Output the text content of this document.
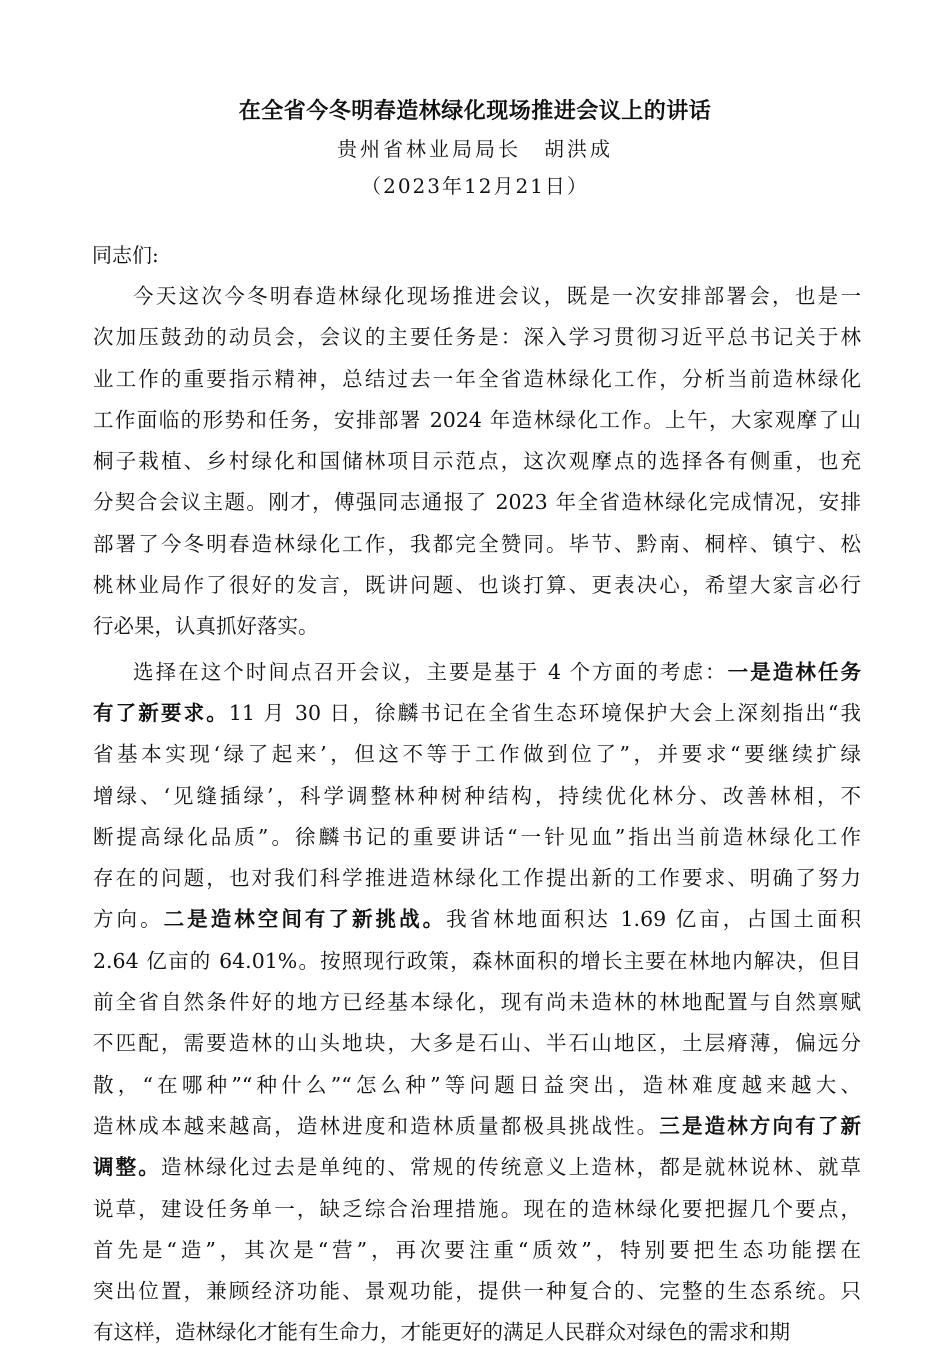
在全省今冬明春造林绿化现场推进会议上的讲话
贵州省林业局局长　胡洪成
（2023年12月21日）
同志们:
今天这次今冬明春造林绿化现场推进会议，既是一次安排部署会，也是一
次加压鼓劲的动员会，会议的主要任务是：深入学习贯彻习近平总书记关于林
业工作的重要指示精神，总结过去一年全省造林绿化工作，分析当前造林绿化
工作面临的形势和任务，安排部署 2024 年造林绿化工作。上午，大家观摩了山
桐子栽植、乡村绿化和国储林项目示范点，这次观摩点的选择各有侧重，也充
分契合会议主题。刚才，傅强同志通报了 2023 年全省造林绿化完成情况，安排
部署了今冬明春造林绿化工作，我都完全赞同。毕节、黔南、桐梓、镇宁、松
桃林业局作了很好的发言，既讲问题、也谈打算、更表决心，希望大家言必行
行必果，认真抓好落实。
选择在这个时间点召开会议，主要是基于 4 个方面的考虑：一是造林任务
有了新要求。11 月 30 日，徐麟书记在全省生态环境保护大会上深刻指出“我
省基本实现‘绿了起来’，但这不等于工作做到位了”，并要求“要继续扩绿
增绿、‘见缝插绿’，科学调整林种树种结构，持续优化林分、改善林相，不
断提高绿化品质”。徐麟书记的重要讲话“一针见血”指出当前造林绿化工作
存在的问题，也对我们科学推进造林绿化工作提出新的工作要求、明确了努力
方向。二是造林空间有了新挑战。我省林地面积达 1.69 亿亩，占国土面积
2.64 亿亩的 64.01%。按照现行政策，森林面积的增长主要在林地内解决，但目
前全省自然条件好的地方已经基本绿化，现有尚未造林的林地配置与自然禀赋
不匹配，需要造林的山头地块，大多是石山、半石山地区，土层瘠薄，偏远分
散，“在哪种”“种什么”“怎么种”等问题日益突出，造林难度越来越大、
造林成本越来越高，造林进度和造林质量都极具挑战性。三是造林方向有了新
调整。造林绿化过去是单纯的、常规的传统意义上造林，都是就林说林、就草
说草，建设任务单一，缺乏综合治理措施。现在的造林绿化要把握几个要点，
首先是“造”，其次是“营”，再次要注重“质效”，特别要把生态功能摆在
突出位置，兼顾经济功能、景观功能，提供一种复合的、完整的生态系统。只
有这样，造林绿化才能有生命力，才能更好的满足人民群众对绿色的需求和期
